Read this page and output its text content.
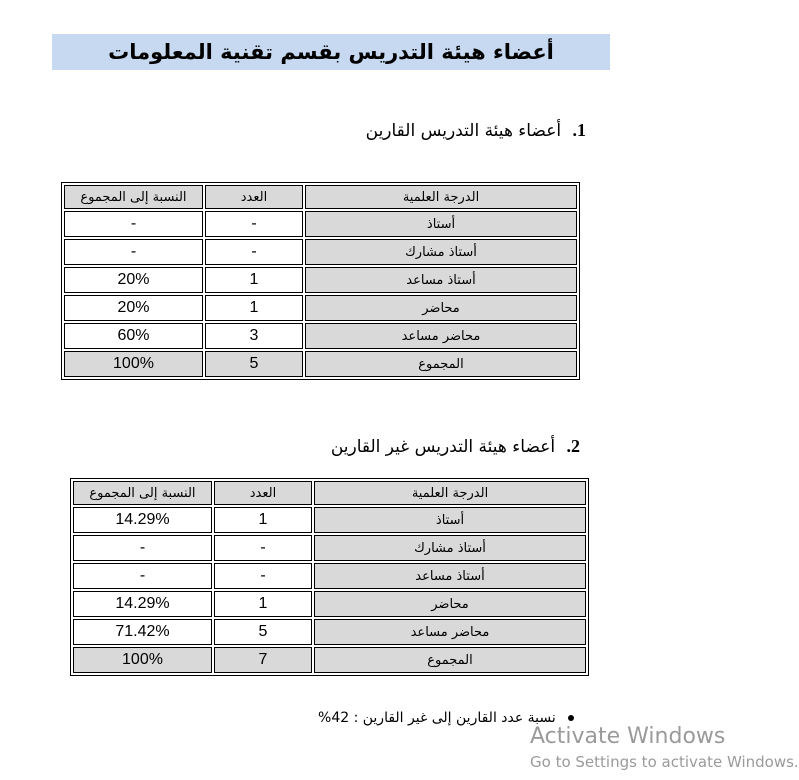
أعضاء هيئة التدريس بقسم تقنية المعلومات
1. أعضاء هيئة التدريس القارين
الدرجة العلمية	العدد	النسبة إلى المجموع
أستاذ	-	-
أستاذ مشارك	-	-
أستاذ مساعد	1	20%
محاضر	1	20%
محاضر مساعد	3	60%
المجموع	5	100%
2. أعضاء هيئة التدريس غير القارين
الدرجة العلمية	العدد	النسبة إلى المجموع
أستاذ	1	14.29%
أستاذ مشارك	-	-
أستاذ مساعد	-	-
محاضر	1	14.29%
محاضر مساعد	5	71.42%
المجموع	7	100%
نسبة عدد القارين إلى غير القارين : 42%
Activate Windows
Go to Settings to activate Windows.
